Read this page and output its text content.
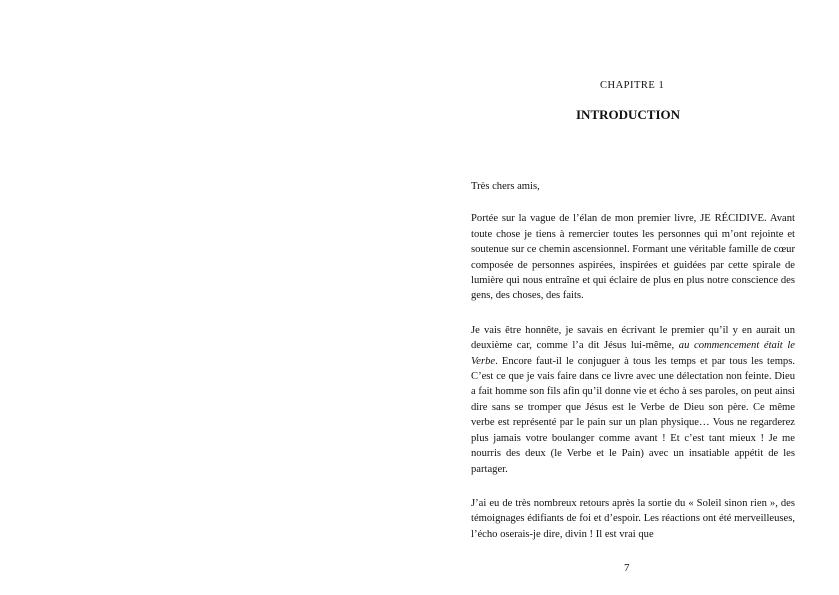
CHAPITRE 1
INTRODUCTION

Très chers amis,

Portée sur la vague de l’élan de mon premier livre, JE RÉCIDIVE. Avant toute chose je tiens à remercier toutes les personnes qui m’ont rejointe et soutenue sur ce chemin ascensionnel. Formant une véritable famille de cœur composée de personnes aspirées, inspirées et guidées par cette spirale de lumière qui nous entraîne et qui éclaire de plus en plus notre conscience des gens, des choses, des faits.

Je vais être honnête, je savais en écrivant le premier qu’il y en aurait un deuxième car, comme l’a dit Jésus lui-même, au commencement était le Verbe. Encore faut-il le conjuguer à tous les temps et par tous les temps. C’est ce que je vais faire dans ce livre avec une délectation non feinte. Dieu a fait homme son fils afin qu’il donne vie et écho à ses paroles, on peut ainsi dire sans se tromper que Jésus est le Verbe de Dieu son père. Ce même verbe est représenté par le pain sur un plan physique… Vous ne regarderez plus jamais votre boulanger comme avant ! Et c’est tant mieux ! Je me nourris des deux (le Verbe et le Pain) avec un insatiable appétit de les partager.

J’ai eu de très nombreux retours après la sortie du « Soleil sinon rien », des témoignages édifiants de foi et d’espoir. Les réactions ont été merveilleuses, l’écho oserais-je dire, divin ! Il est vrai que

7
